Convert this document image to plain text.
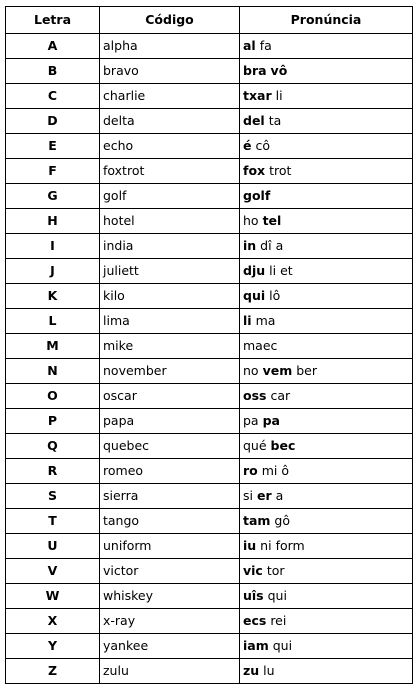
Letra	Código	Pronúncia
A	alpha	al fa
B	bravo	bra vô
C	charlie	txar li
D	delta	del ta
E	echo	é cô
F	foxtrot	fox trot
G	golf	golf
H	hotel	ho tel
I	india	in dî a
J	juliett	dju li et
K	kilo	qui lô
L	lima	li ma
M	mike	maec
N	november	no vem ber
O	oscar	oss car
P	papa	pa pa
Q	quebec	qué bec
R	romeo	ro mi ô
S	sierra	si er a
T	tango	tam gô
U	uniform	iu ni form
V	victor	vic tor
W	whiskey	uîs qui
X	x-ray	ecs rei
Y	yankee	iam qui
Z	zulu	zu lu
